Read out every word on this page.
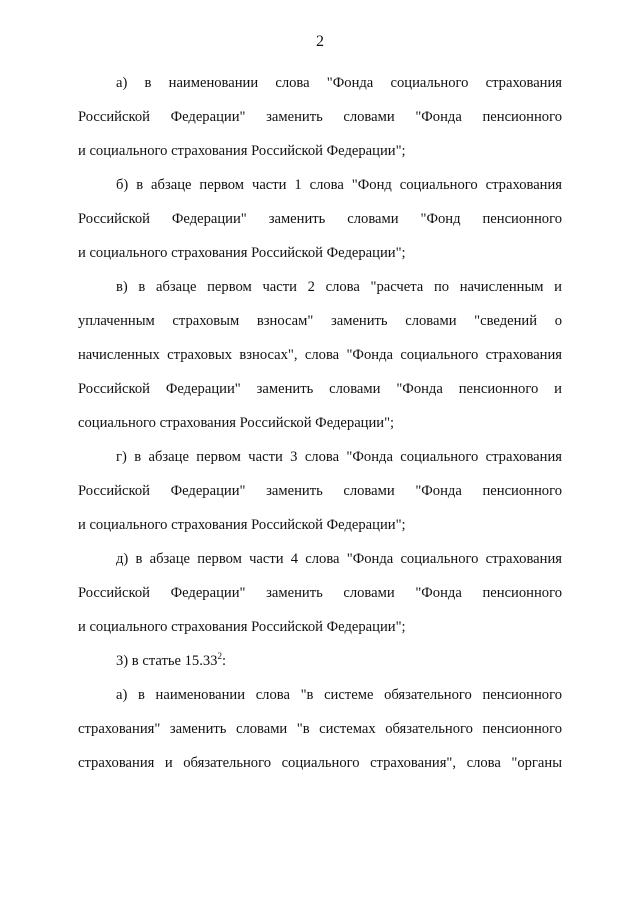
2
а) в наименовании слова "Фонда социального страхования
Российской Федерации" заменить словами "Фонда пенсионного
и социального страхования Российской Федерации";
б) в абзаце первом части 1 слова "Фонд социального страхования
Российской Федерации" заменить словами "Фонд пенсионного
и социального страхования Российской Федерации";
в) в абзаце первом части 2 слова "расчета по начисленным и
уплаченным страховым взносам" заменить словами "сведений о
начисленных страховых взносах", слова "Фонда социального страхования
Российской Федерации" заменить словами "Фонда пенсионного и
социального страхования Российской Федерации";
г) в абзаце первом части 3 слова "Фонда социального страхования
Российской Федерации" заменить словами "Фонда пенсионного
и социального страхования Российской Федерации";
д) в абзаце первом части 4 слова "Фонда социального страхования
Российской Федерации" заменить словами "Фонда пенсионного
и социального страхования Российской Федерации";
3) в статье 15.33$^2$:
а) в наименовании слова "в системе обязательного пенсионного
страхования" заменить словами "в системах обязательного пенсионного
страхования и обязательного социального страхования", слова "органы
